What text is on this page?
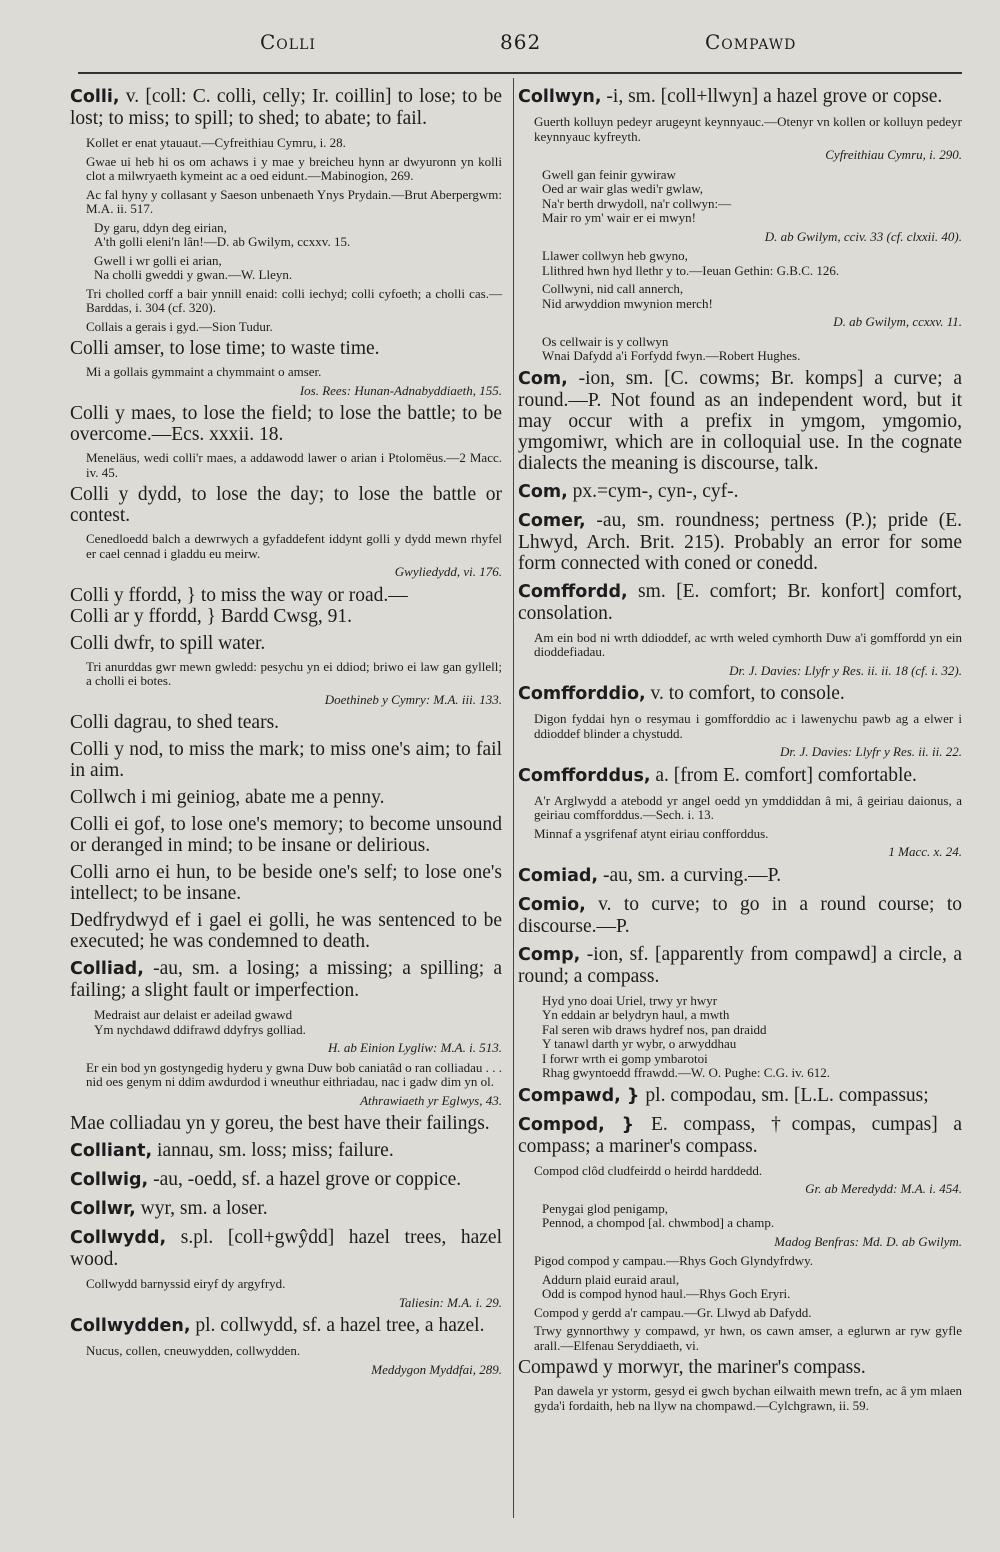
Colli	862	Compawd

Colli, v. [coll: C. colli, celly; Ir. coillin] to lose; to be lost; to miss; to spill; to shed; to abate; to fail.

Kollet er enat ytauaut.—Cyfreithiau Cymru, i. 28.

Gwae ui heb hi os om achaws i y mae y breicheu hynn ar dwyuronn yn kolli clot a milwryaeth kymeint ac a oed eidunt.—Mabinogion, 269.

Ac fal hyny y collasant y Saeson unbenaeth Ynys Prydain.—Brut Aberpergwm: M.A. ii. 517.

Dy garu, ddyn deg eirian,
A'th golli eleni'n lân!—D. ab Gwilym, ccxxv. 15.

Gwell i wr golli ei arian,
Na cholli gweddi y gwan.—W. Lleyn.

Tri cholled corff a bair ynnill enaid: colli iechyd; colli cyfoeth; a cholli cas.—Barddas, i. 304 (cf. 320).

Collais a gerais i gyd.—Sion Tudur.

Colli amser, to lose time; to waste time.

Mi a gollais gymmaint a chymmaint o amser.

Ios. Rees: Hunan-Adnabyddiaeth, 155.

Colli y maes, to lose the field; to lose the battle; to be overcome.—Ecs. xxxii. 18.

Meneläus, wedi colli'r maes, a addawodd lawer o arian i Ptolomëus.—2 Macc. iv. 45.

Colli y dydd, to lose the day; to lose the battle or contest.

Cenedloedd balch a dewrwych a gyfaddefent iddynt golli y dydd mewn rhyfel er cael cennad i gladdu eu meirw.

Gwyliedydd, vi. 176.

Colli y ffordd, } to miss the way or road.—
Colli ar y ffordd, } Bardd Cwsg, 91.

Colli dwfr, to spill water.

Tri anurddas gwr mewn gwledd: pesychu yn ei ddiod; briwo ei law gan gyllell; a cholli ei botes.

Doethineb y Cymry: M.A. iii. 133.

Colli dagrau, to shed tears.

Colli y nod, to miss the mark; to miss one's aim; to fail in aim.

Collwch i mi geiniog, abate me a penny.

Colli ei gof, to lose one's memory; to become unsound or deranged in mind; to be insane or delirious.

Colli arno ei hun, to be beside one's self; to lose one's intellect; to be insane.

Dedfrydwyd ef i gael ei golli, he was sentenced to be executed; he was condemned to death.

Colliad, -au, sm. a losing; a missing; a spilling; a failing; a slight fault or imperfection.

Medraist aur delaist er adeilad gwawd
Ym nychdawd ddifrawd ddyfrys golliad.

H. ab Einion Lygliw: M.A. i. 513.

Er ein bod yn gostyngedig hyderu y gwna Duw bob caniatâd o ran colliadau . . . nid oes genym ni ddim awdurdod i wneuthur eithriadau, nac i gadw dim yn ol.

Athrawiaeth yr Eglwys, 43.

Mae colliadau yn y goreu, the best have their failings.

Colliant, iannau, sm. loss; miss; failure.

Collwig, -au, -oedd, sf. a hazel grove or coppice.

Collwr, wyr, sm. a loser.

Collwydd, s.pl. [coll+gwŷdd] hazel trees, hazel wood.

Collwydd barnyssid eiryf dy argyfryd.

Taliesin: M.A. i. 29.

Collwydden, pl. collwydd, sf. a hazel tree, a hazel.

Nucus, collen, cneuwydden, collwydden.

Meddygon Myddfai, 289.

Collwyn, -i, sm. [coll+llwyn] a hazel grove or copse.

Guerth kolluyn pedeyr arugeynt keynnyauc.—Otenyr vn kollen or kolluyn pedeyr keynnyauc kyfreyth.

Cyfreithiau Cymru, i. 290.

Gwell gan feinir gywiraw
Oed ar wair glas wedi'r gwlaw,
Na'r berth drwydoll, na'r collwyn:—
Mair ro ym' wair er ei mwyn!

D. ab Gwilym, cciv. 33 (cf. clxxii. 40).

Llawer collwyn heb gwyno,
Llithred hwn hyd llethr y to.—Ieuan Gethin: G.B.C. 126.

Collwyni, nid call annerch,
Nid arwyddion mwynion merch!

D. ab Gwilym, ccxxv. 11.

Os cellwair is y collwyn
Wnai Dafydd a'i Forfydd fwyn.—Robert Hughes.

Com, -ion, sm. [C. cowms; Br. komps] a curve; a round.—P. Not found as an independent word, but it may occur with a prefix in ymgom, ymgomio, ymgomiwr, which are in colloquial use. In the cognate dialects the meaning is discourse, talk.

Com, px.=cym-, cyn-, cyf-.

Comer, -au, sm. roundness; pertness (P.); pride (E. Lhwyd, Arch. Brit. 215). Probably an error for some form connected with coned or conedd.

Comffordd, sm. [E. comfort; Br. konfort] comfort, consolation.

Am ein bod ni wrth ddioddef, ac wrth weled cymhorth Duw a'i gomffordd yn ein dioddefiadau.

Dr. J. Davies: Llyfr y Res. ii. ii. 18 (cf. i. 32).

Comfforddio, v. to comfort, to console.

Digon fyddai hyn o resymau i gomfforddio ac i lawenychu pawb ag a elwer i ddioddef blinder a chystudd.

Dr. J. Davies: Llyfr y Res. ii. ii. 22.

Comfforddus, a. [from E. comfort] comfortable.

A'r Arglwydd a atebodd yr angel oedd yn ymddiddan â mi, â geiriau daionus, a geiriau comfforddus.—Sech. i. 13.

Minnaf a ysgrifenaf atynt eiriau confforddus.

1 Macc. x. 24.

Comiad, -au, sm. a curving.—P.

Comio, v. to curve; to go in a round course; to discourse.—P.

Comp, -ion, sf. [apparently from compawd] a circle, a round; a compass.

Hyd yno doai Uriel, trwy yr hwyr
Yn eddain ar belydryn haul, a mwth
Fal seren wib draws hydref nos, pan draidd
Y tanawl darth yr wybr, o arwyddhau
I forwr wrth ei gomp ymbarotoi
Rhag gwyntoedd ffrawdd.—W. O. Pughe: C.G. iv. 612.

Compawd, } pl. compodau, sm. [L.L. compassus;

Compod, } E. compass, †compas, cumpas] a compass; a mariner's compass.

Compod clôd cludfeirdd o heirdd harddedd.

Gr. ab Meredydd: M.A. i. 454.

Penygai glod penigamp,
Pennod, a chompod [al. chwmbod] a champ.

Madog Benfras: Md. D. ab Gwilym.

Pigod compod y campau.—Rhys Goch Glyndyfrdwy.

Addurn plaid euraid araul,
Odd is compod hynod haul.—Rhys Goch Eryri.

Compod y gerdd a'r campau.—Gr. Llwyd ab Dafydd.

Trwy gynnorthwy y compawd, yr hwn, os cawn amser, a eglurwn ar ryw gyfle arall.—Elfenau Seryddiaeth, vi.

Compawd y morwyr, the mariner's compass.

Pan dawela yr ystorm, gesyd ei gwch bychan eilwaith mewn trefn, ac â ym mlaen gyda'i fordaith, heb na llyw na chompawd.—Cylchgrawn, ii. 59.
